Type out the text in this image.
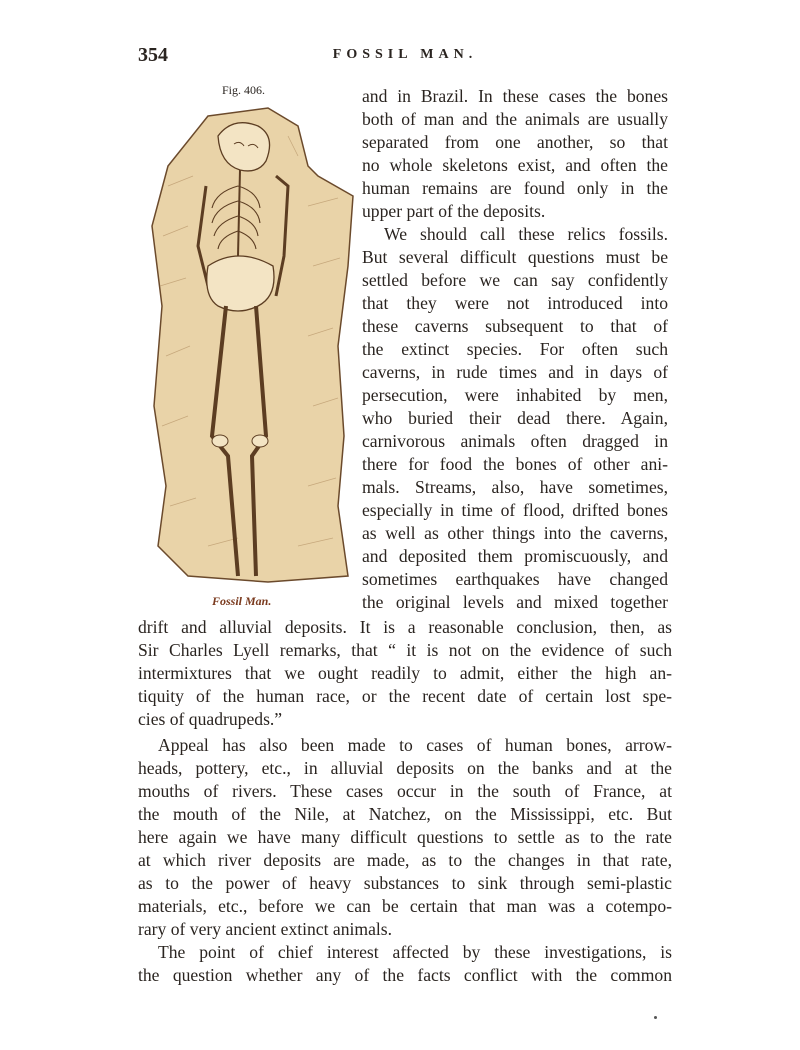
354	FOSSIL MAN.
Fig. 406.
Fossil Man.
and in Brazil. In these cases the bones
both of man and the animals are usually
separated from one another, so that
no whole skeletons exist, and often the
human remains are found only in the
upper part of the deposits.
We should call these relics fossils.
But several difficult questions must be
settled before we can say confidently
that they were not introduced into
these caverns subsequent to that of
the extinct species. For often such
caverns, in rude times and in days of
persecution, were inhabited by men,
who buried their dead there. Again,
carnivorous animals often dragged in
there for food the bones of other ani-
mals. Streams, also, have sometimes,
especially in time of flood, drifted bones
as well as other things into the caverns,
and deposited them promiscuously, and
sometimes earthquakes have changed
the original levels and mixed together
drift and alluvial deposits. It is a reasonable conclusion, then, as
Sir Charles Lyell remarks, that “ it is not on the evidence of such
intermixtures that we ought readily to admit, either the high an-
tiquity of the human race, or the recent date of certain lost spe-
cies of quadrupeds.”
Appeal has also been made to cases of human bones, arrow-
heads, pottery, etc., in alluvial deposits on the banks and at the
mouths of rivers. These cases occur in the south of France, at
the mouth of the Nile, at Natchez, on the Mississippi, etc. But
here again we have many difficult questions to settle as to the rate
at which river deposits are made, as to the changes in that rate,
as to the power of heavy substances to sink through semi-plastic
materials, etc., before we can be certain that man was a cotempo-
rary of very ancient extinct animals.
The point of chief interest affected by these investigations, is
the question whether any of the facts conflict with the common
